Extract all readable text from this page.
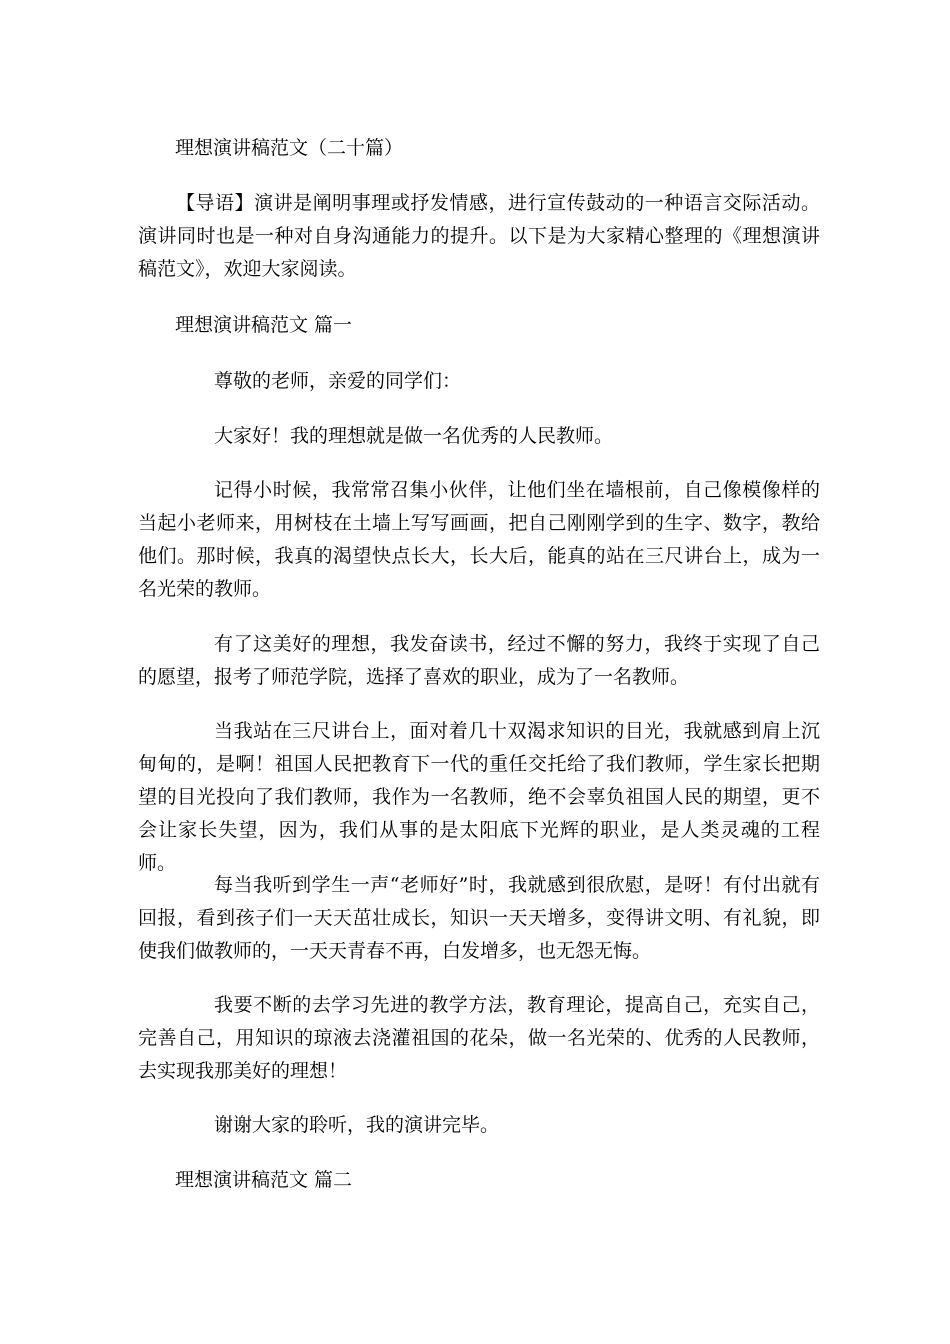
理想演讲稿范文（二十篇）

【导语】演讲是阐明事理或抒发情感，进行宣传鼓动的一种语言交际活动。演讲同时也是一种对自身沟通能力的提升。以下是为大家精心整理的《理想演讲稿范文》，欢迎大家阅读。

理想演讲稿范文 篇一
尊敬的老师，亲爱的同学们：
大家好！我的理想就是做一名优秀的人民教师。

记得小时候，我常常召集小伙伴，让他们坐在墙根前，自己像模像样的当起小老师来，用树枝在土墙上写写画画，把自己刚刚学到的生字、数字，教给他们。那时候，我真的渴望快点长大，长大后，能真的站在三尺讲台上，成为一名光荣的教师。

有了这美好的理想，我发奋读书，经过不懈的努力，我终于实现了自己的愿望，报考了师范学院，选择了喜欢的职业，成为了一名教师。

当我站在三尺讲台上，面对着几十双渴求知识的目光，我就感到肩上沉甸甸的，是啊！祖国人民把教育下一代的重任交托给了我们教师，学生家长把期望的目光投向了我们教师，我作为一名教师，绝不会辜负祖国人民的期望，更不会让家长失望，因为，我们从事的是太阳底下光辉的职业，是人类灵魂的工程师。

每当我听到学生一声“老师好”时，我就感到很欣慰，是呀！有付出就有回报，看到孩子们一天天茁壮成长，知识一天天增多，变得讲文明、有礼貌，即使我们做教师的，一天天青春不再，白发增多，也无怨无悔。

我要不断的去学习先进的教学方法，教育理论，提高自己，充实自己，完善自己，用知识的琼液去浇灌祖国的花朵，做一名光荣的、优秀的人民教师，去实现我那美好的理想！

谢谢大家的聆听，我的演讲完毕。
理想演讲稿范文 篇二
